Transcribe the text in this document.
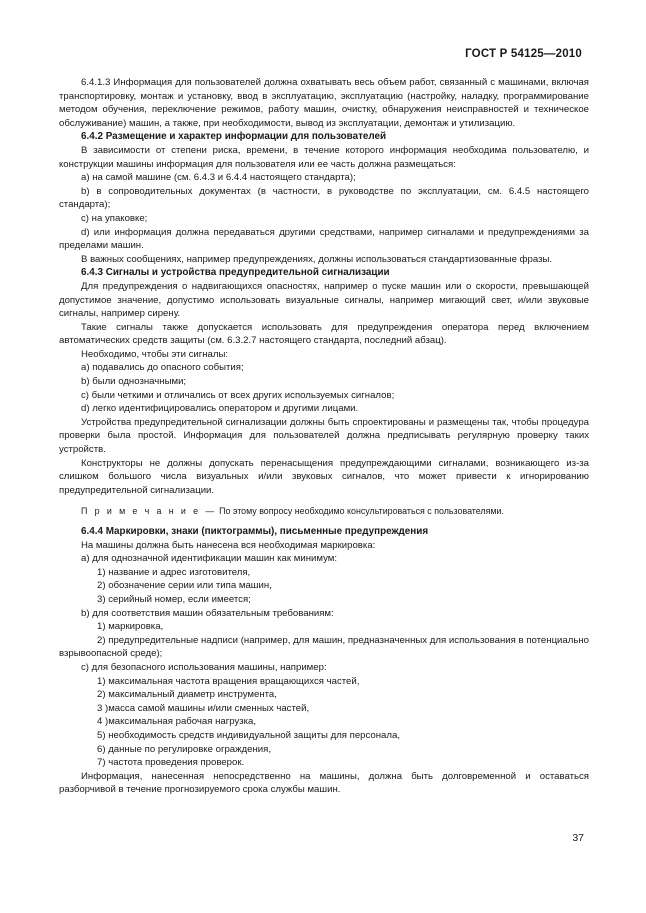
ГОСТ Р 54125—2010

6.4.1.3 Информация для пользователей должна охватывать весь объем работ, связанный с машинами, включая транспортировку, монтаж и установку, ввод в эксплуатацию, эксплуатацию (настройку, наладку, программирование методом обучения, переключение режимов, работу машин, очистку, обнаружения неисправностей и техническое обслуживание) машин, а также, при необходимости, вывод из эксплуатации, демонтаж и утилизацию.

6.4.2 Размещение и характер информации для пользователей

В зависимости от степени риска, времени, в течение которого информация необходима пользователю, и конструкции машины информация для пользователя или ее часть должна размещаться:

а) на самой машине (см. 6.4.3 и 6.4.4 настоящего стандарта);

b) в сопроводительных документах (в частности, в руководстве по эксплуатации, см. 6.4.5 настоящего стандарта);

c) на упаковке;

d) или информация должна передаваться другими средствами, например сигналами и предупреждениями за пределами машин.

В важных сообщениях, например предупреждениях, должны использоваться стандартизованные фразы.

6.4.3 Сигналы и устройства предупредительной сигнализации

Для предупреждения о надвигающихся опасностях, например о пуске машин или о скорости, превышающей допустимое значение, допустимо использовать визуальные сигналы, например мигающий свет, и/или звуковые сигналы, например сирену.

Такие сигналы также допускается использовать для предупреждения оператора перед включением автоматических средств защиты (см. 6.3.2.7 настоящего стандарта, последний абзац).

Необходимо, чтобы эти сигналы:

a) подавались до опасного события;

b) были однозначными;

c) были четкими и отличались от всех других используемых сигналов;

d) легко идентифицировались оператором и другими лицами.

Устройства предупредительной сигнализации должны быть спроектированы и размещены так, чтобы процедура проверки была простой. Информация для пользователей должна предписывать регулярную проверку таких устройств.

Конструкторы не должны допускать перенасыщения предупреждающими сигналами, возникающего из-за слишком большого числа визуальных и/или звуковых сигналов, что может привести к игнорированию предупредительной сигнализации.

П р и м е ч а н и е — По этому вопросу необходимо консультироваться с пользователями.

6.4.4 Маркировки, знаки (пиктограммы), письменные предупреждения

На машины должна быть нанесена вся необходимая маркировка:

a) для однозначной идентификации машин как минимум:

1) название и адрес изготовителя,

2) обозначение серии или типа машин,

3) серийный номер, если имеется;

b) для соответствия машин обязательным требованиям:

1) маркировка,

2) предупредительные надписи (например, для машин, предназначенных для использования в потенциально взрывоопасной среде);

c) для безопасного использования машины, например:

1) максимальная частота вращения вращающихся частей,

2) максимальный диаметр инструмента,

3 )масса самой машины и/или сменных частей,

4 )максимальная рабочая нагрузка,

5) необходимость средств индивидуальной защиты для персонала,

6) данные по регулировке ограждения,

7) частота проведения проверок.

Информация, нанесенная непосредственно на машины, должна быть долговременной и оставаться разборчивой в течение прогнозируемого срока службы машин.

37
